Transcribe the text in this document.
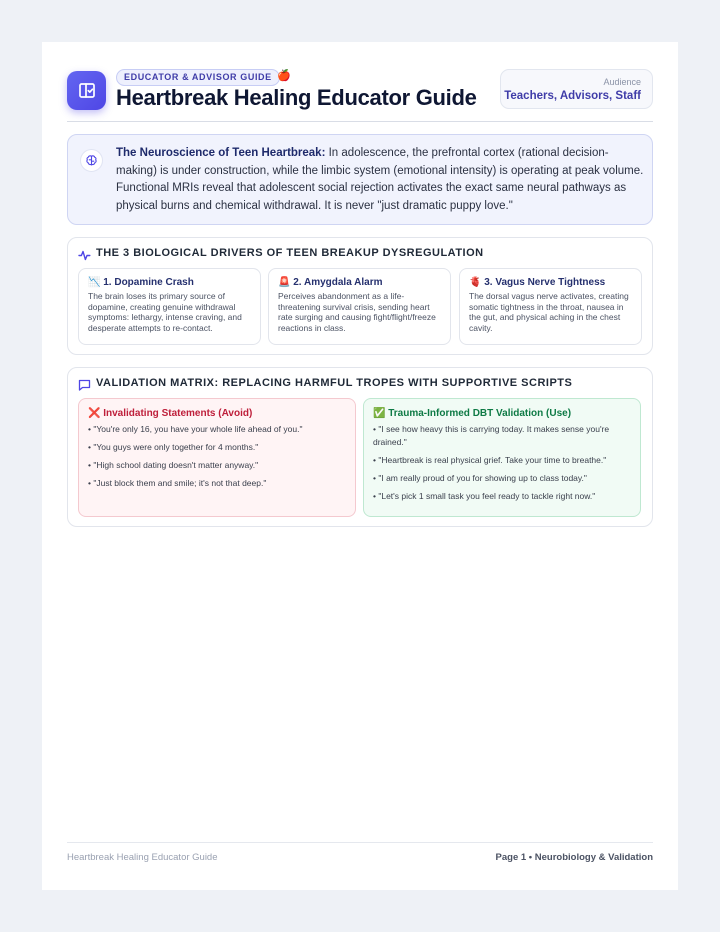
EDUCATOR & ADVISOR GUIDE 🍎
Heartbreak Healing Educator Guide
Audience
Teachers, Advisors, Staff
The Neuroscience of Teen Heartbreak: In adolescence, the prefrontal cortex (rational decision-making) is under construction, while the limbic system (emotional intensity) is operating at peak volume. Functional MRIs reveal that adolescent social rejection activates the exact same neural pathways as physical burns and chemical withdrawal. It is never "just dramatic puppy love."
THE 3 BIOLOGICAL DRIVERS OF TEEN BREAKUP DYSREGULATION
📉 1. Dopamine Crash
The brain loses its primary source of dopamine, creating genuine withdrawal symptoms: lethargy, intense craving, and desperate attempts to re-contact.
🚨 2. Amygdala Alarm
Perceives abandonment as a life-threatening survival crisis, sending heart rate surging and causing fight/flight/freeze reactions in class.
🫀 3. Vagus Nerve Tightness
The dorsal vagus nerve activates, creating somatic tightness in the throat, nausea in the gut, and physical aching in the chest cavity.
VALIDATION MATRIX: REPLACING HARMFUL TROPES WITH SUPPORTIVE SCRIPTS
❌ Invalidating Statements (Avoid)
• "You're only 16, you have your whole life ahead of you."
• "You guys were only together for 4 months."
• "High school dating doesn't matter anyway."
• "Just block them and smile; it's not that deep."
✅ Trauma-Informed DBT Validation (Use)
• "I see how heavy this is carrying today. It makes sense you're drained."
• "Heartbreak is real physical grief. Take your time to breathe."
• "I am really proud of you for showing up to class today."
• "Let's pick 1 small task you feel ready to tackle right now."
Heartbreak Healing Educator Guide	Page 1 • Neurobiology & Validation
